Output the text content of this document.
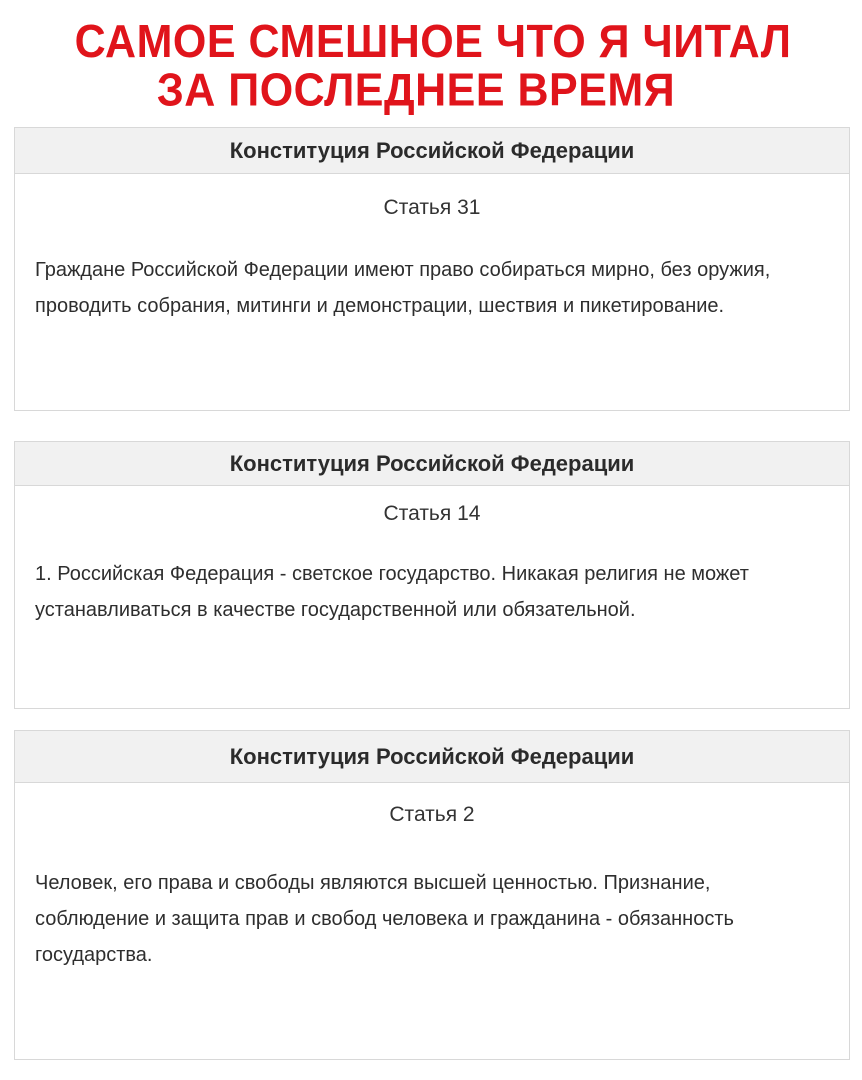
САМОЕ СМЕШНОЕ ЧТО Я ЧИТАЛ
ЗА ПОСЛЕДНЕЕ ВРЕМЯ
Конституция Российской Федерации
Статья 31

Граждане Российской Федерации имеют право собираться мирно, без оружия, проводить собрания, митинги и демонстрации, шествия и пикетирование.

Конституция Российской Федерации
Статья 14

1. Российская Федерация - светское государство. Никакая религия не может устанавливаться в качестве государственной или обязательной.

Конституция Российской Федерации
Статья 2

Человек, его права и свободы являются высшей ценностью. Признание, соблюдение и защита прав и свобод человека и гражданина - обязанность государства.
